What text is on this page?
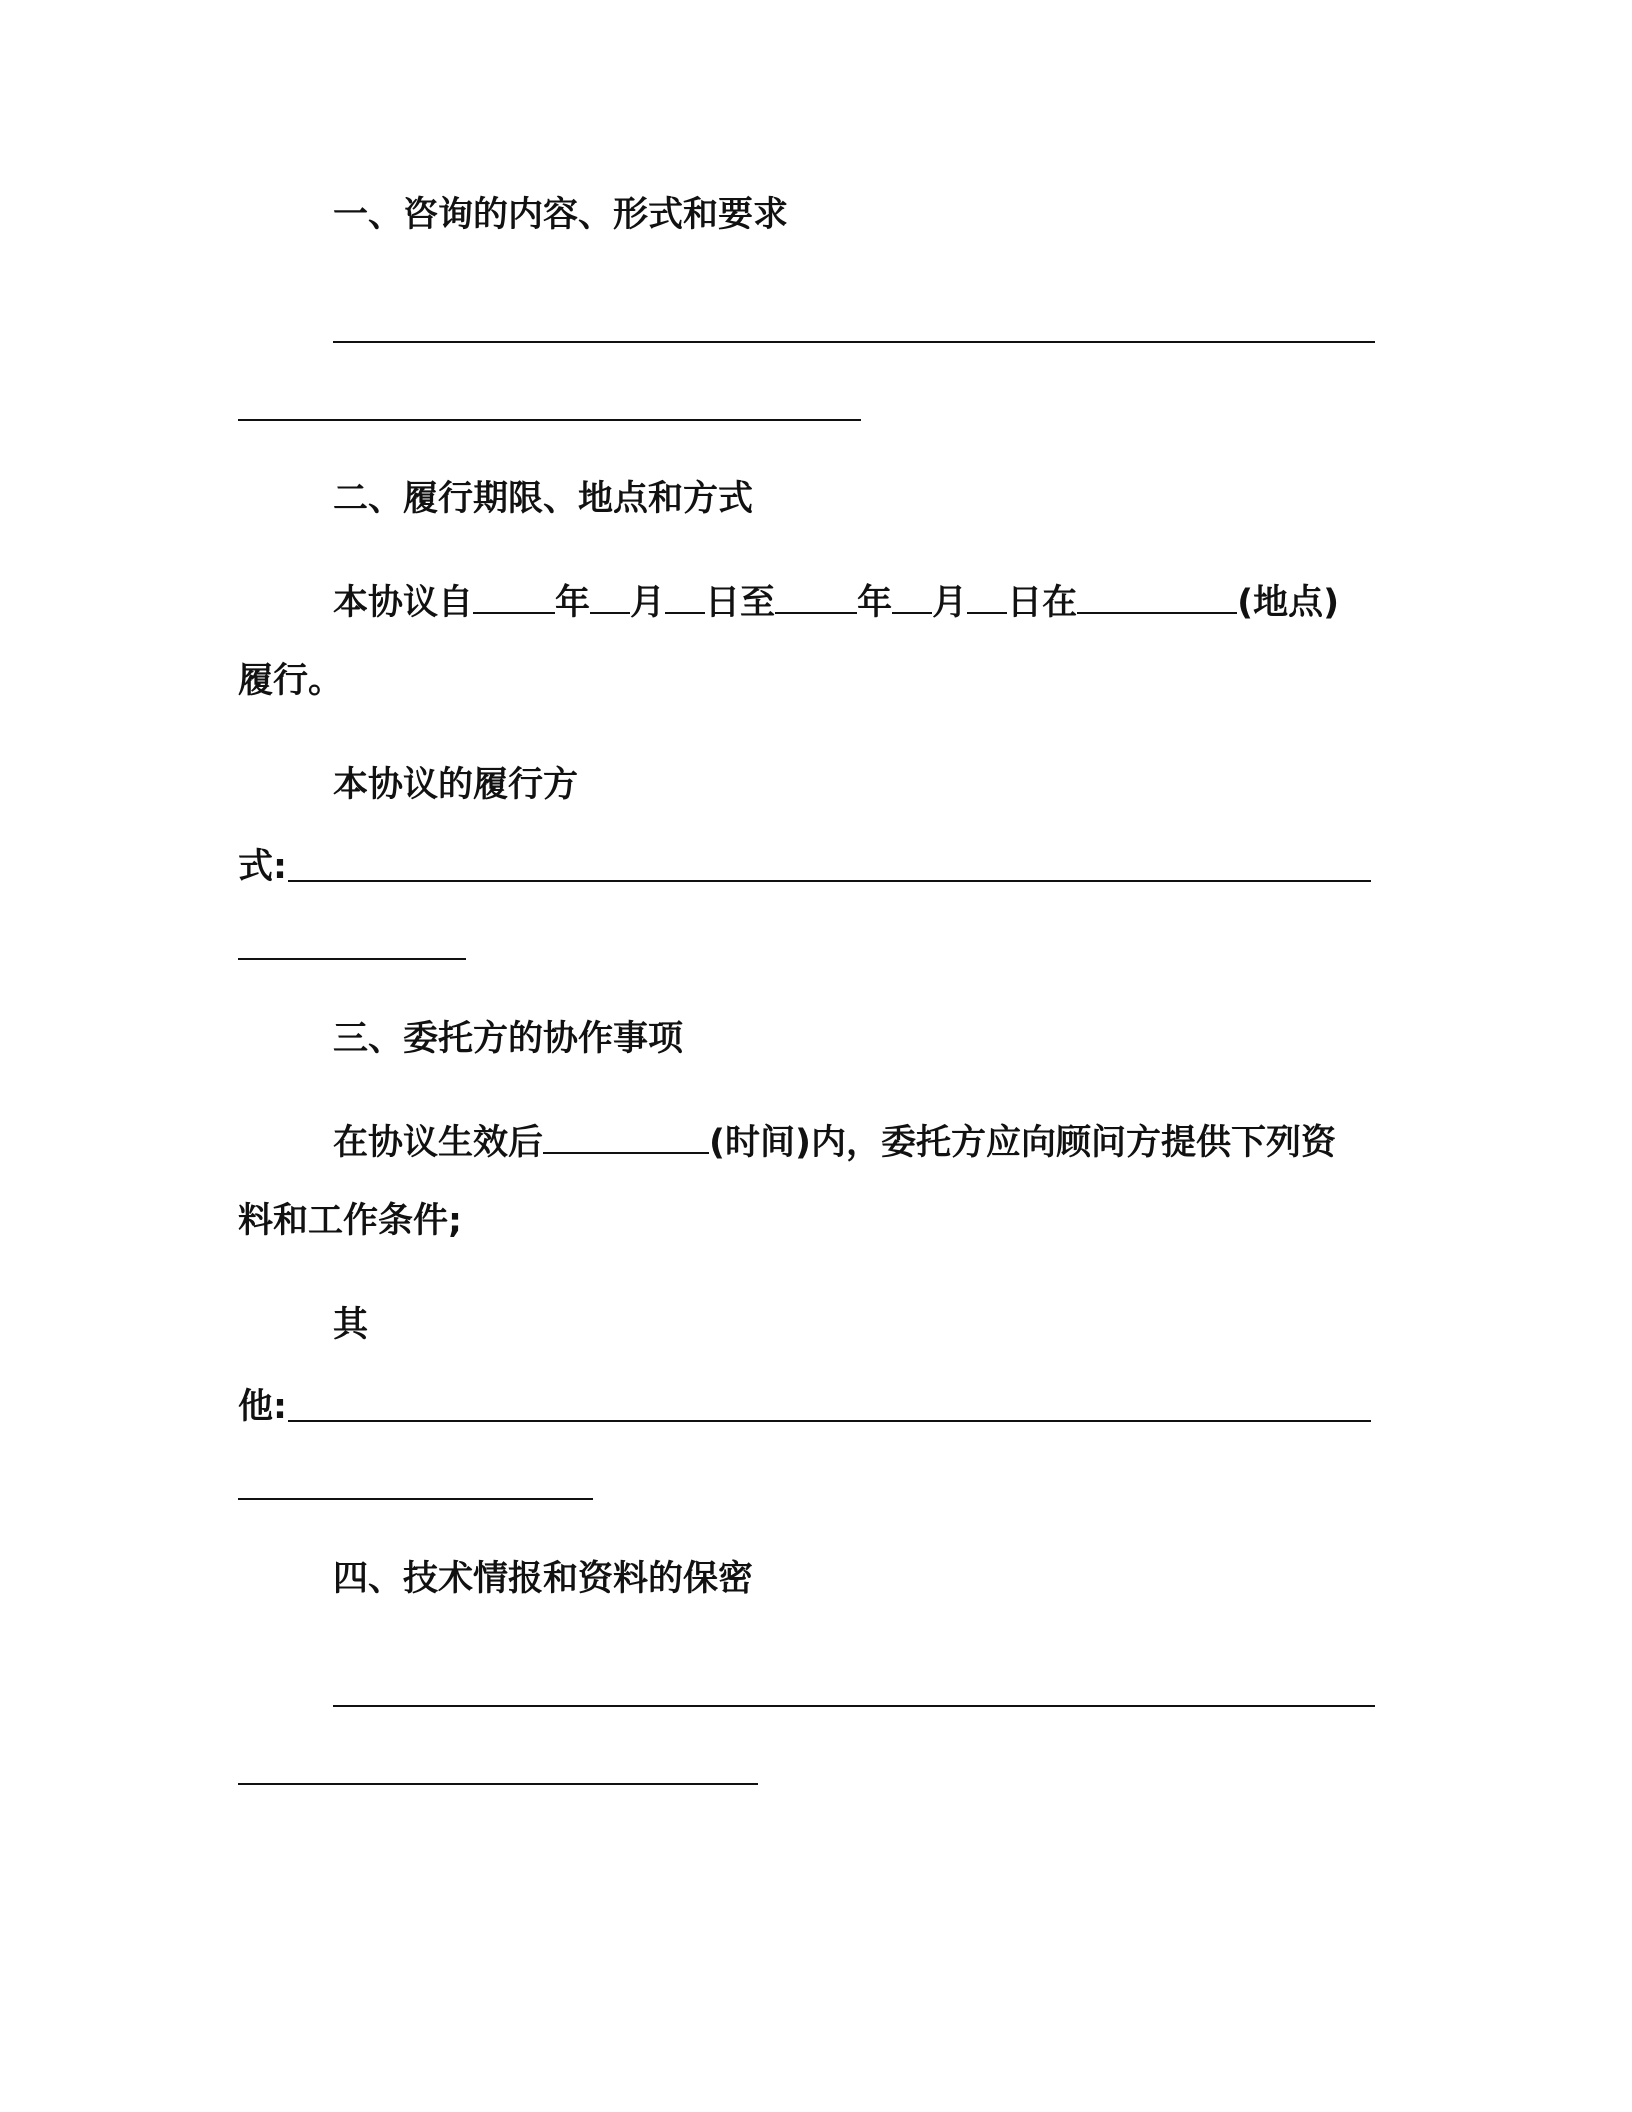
一、咨询的内容、形式和要求
二、履行期限、地点和方式
本协议自 年 月 日至 年 月 日在	(地点)
履行。
本协议的履行方
式:
三、委托方的协作事项
在协议生效后	(时间)内，委托方应向顾问方提供下列资
料和工作条件;
其
他:
四、技术情报和资料的保密
